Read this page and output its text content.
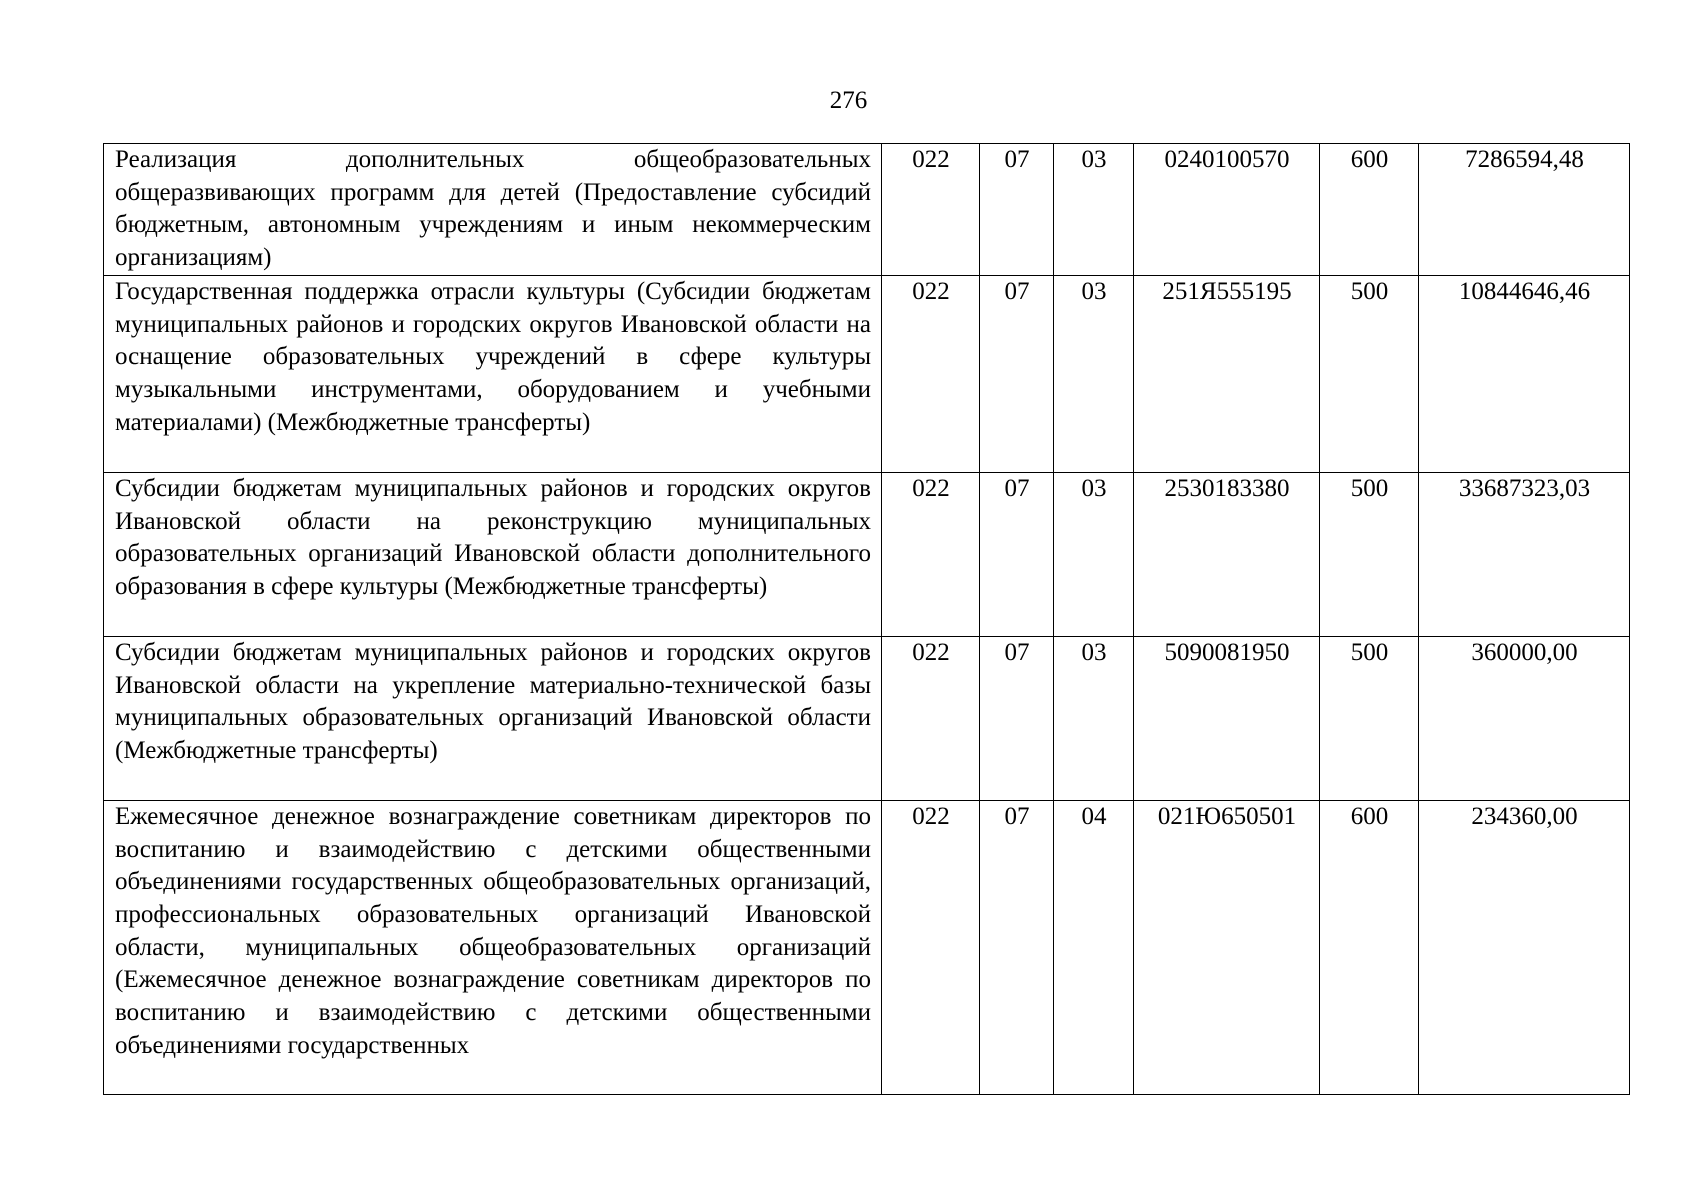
276
Реализация дополнительных общеобразовательных общеразвивающих программ для детей (Предоставление субсидий бюджетным, автономным учреждениям и иным некоммерческим организациям)	022	07	03	0240100570	600	7286594,48
Государственная поддержка отрасли культуры (Субсидии бюджетам муниципальных районов и городских округов Ивановской области на оснащение образовательных учреждений в сфере культуры музыкальными инструментами, оборудованием и учебными материалами) (Межбюджетные трансферты)	022	07	03	251Я555195	500	10844646,46
Субсидии бюджетам муниципальных районов и городских округов Ивановской области на реконструкцию муниципальных образовательных организаций Ивановской области дополнительного образования в сфере культуры (Межбюджетные трансферты)	022	07	03	2530183380	500	33687323,03
Субсидии бюджетам муниципальных районов и городских округов Ивановской области на укрепление материально-технической базы муниципальных образовательных организаций Ивановской области (Межбюджетные трансферты)	022	07	03	5090081950	500	360000,00
Ежемесячное денежное вознаграждение советникам директоров по воспитанию и взаимодействию с детскими общественными объединениями государственных общеобразовательных организаций, профессиональных образовательных организаций Ивановской области, муниципальных общеобразовательных организаций (Ежемесячное денежное вознаграждение советникам директоров по воспитанию и взаимодействию с детскими общественными объединениями государственных	022	07	04	021Ю650501	600	234360,00
